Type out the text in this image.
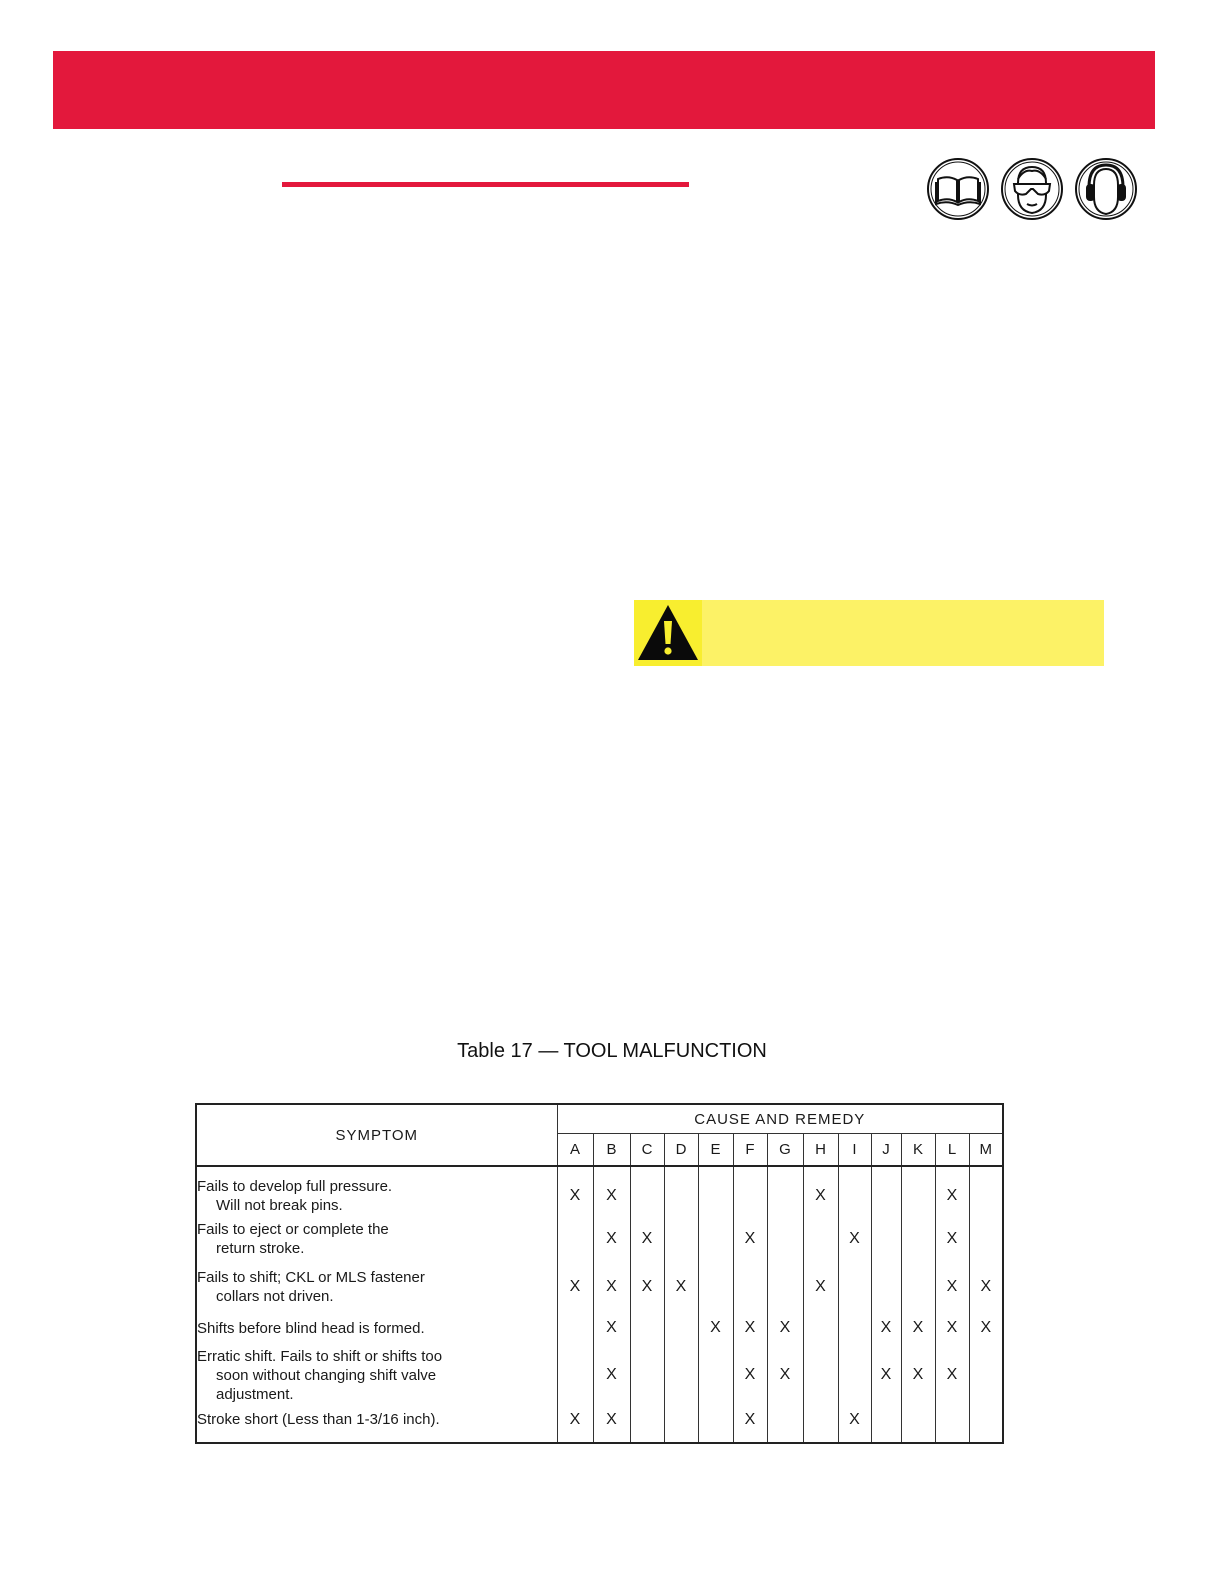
Table 17 — TOOL MALFUNCTION
SYMPTOM	CAUSE AND REMEDY												
	A	B	C	D	E	F	G	H	I	J	K	L	M

Fails to develop full pressure.
Will not break pins.	X	X						X				X	

Fails to eject or complete the
return stroke.		X	X			X			X			X	

Fails to shift; CKL or MLS fastener
collars not driven.	X	X	X	X				X				X	X

Shifts before blind head is formed.		X			X	X	X			X	X	X	X

Erratic shift. Fails to shift or shifts too
soon without changing shift valve
adjustment.		X				X	X			X	X	X	

Stroke short (Less than 1-3/16 inch).	X	X				X			X				
